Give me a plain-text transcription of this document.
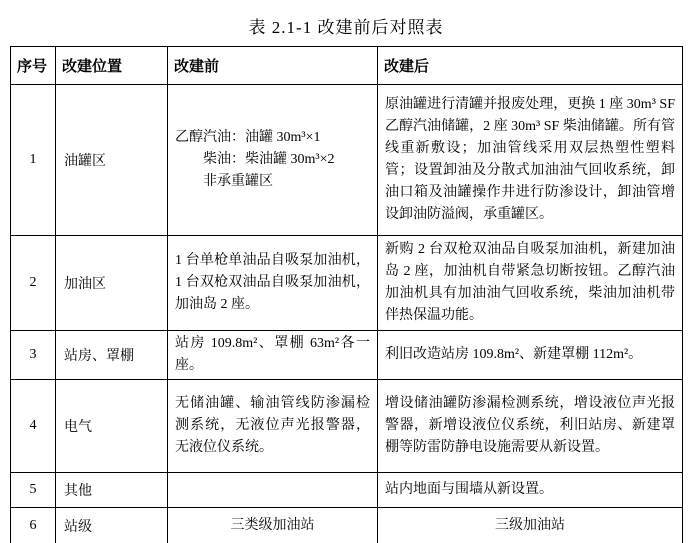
表 2.1-1 改建前后对照表
序号	改建位置	改建前	改建后
1	油罐区	乙醇汽油：油罐 30m³×1
　　柴油：柴油罐 30m³×2
　　非承重罐区	原油罐进行清罐并报废处理，更换 1 座 30m³ SF 乙醇汽油储罐，2 座 30m³ SF 柴油储罐。所有管线重新敷设；加油管线采用双层热塑性塑料管；设置卸油及分散式加油油气回收系统，卸油口箱及油罐操作井进行防渗设计，卸油管增设卸油防溢阀，承重罐区。
2	加油区	1 台单枪单油品自吸泵加油机，1 台双枪双油品自吸泵加油机，加油岛 2 座。	新购 2 台双枪双油品自吸泵加油机，新建加油岛 2 座，加油机自带紧急切断按钮。乙醇汽油加油机具有加油油气回收系统，柴油加油机带伴热保温功能。
3	站房、罩棚	站房 109.8m²、罩棚 63m²各一座。	利旧改造站房 109.8m²、新建罩棚 112m²。
4	电气	无储油罐、输油管线防渗漏检测系统，无液位声光报警器，无液位仪系统。	增设储油罐防渗漏检测系统，增设液位声光报警器，新增设液位仪系统，利旧站房、新建罩棚等防雷防静电设施需要从新设置。
5	其他		站内地面与围墙从新设置。
6	站级	三类级加油站	三级加油站
